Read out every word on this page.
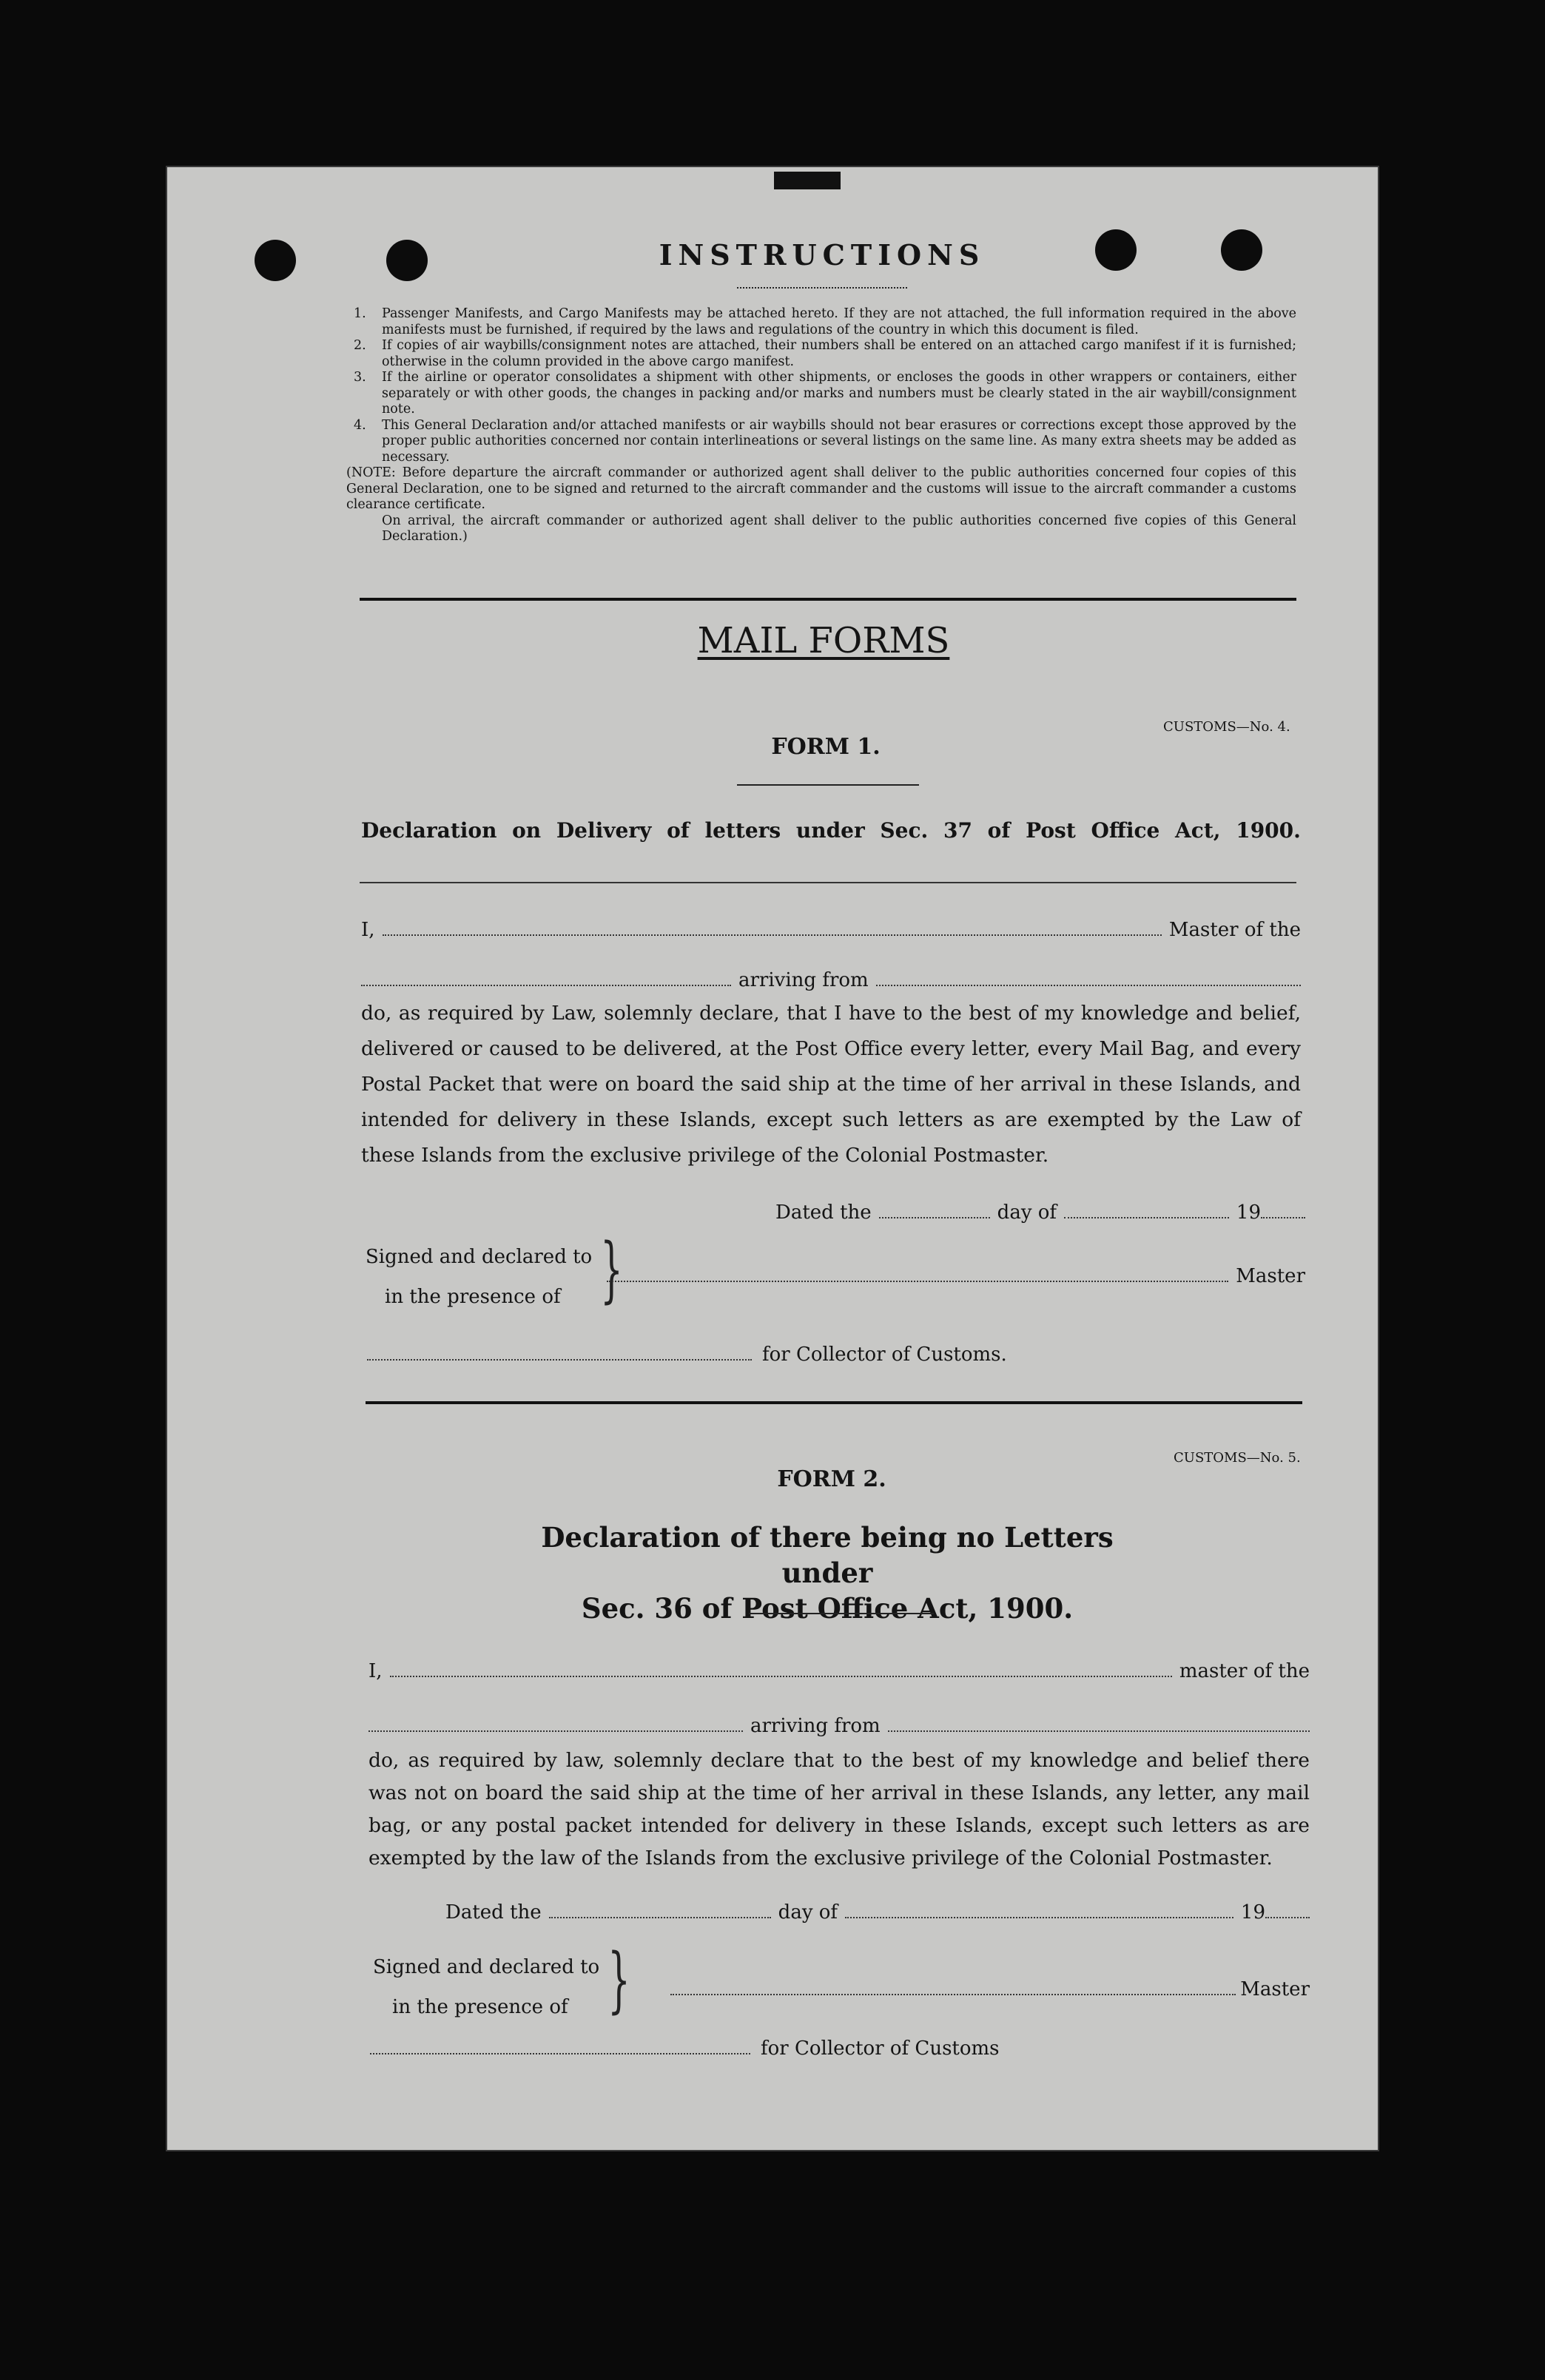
INSTRUCTIONS
1.	Passenger Manifests, and Cargo Manifests may be attached hereto. If they are not attached, the full information required in the above manifests must be furnished, if required by the laws and regulations of the country in which this document is filed.
2.	If copies of air waybills/consignment notes are attached, their numbers shall be entered on an attached cargo manifest if it is furnished; otherwise in the column provided in the above cargo manifest.
3.	If the airline or operator consolidates a shipment with other shipments, or encloses the goods in other wrappers or containers, either separately or with other goods, the changes in packing and/or marks and numbers must be clearly stated in the air waybill/consignment note.
4.	This General Declaration and/or attached manifests or air waybills should not bear erasures or corrections except those approved by the proper public authorities concerned nor contain interlineations or several listings on the same line. As many extra sheets may be added as necessary.
(NOTE: Before departure the aircraft commander or authorized agent shall deliver to the public authorities concerned four copies of this General Declaration, one to be signed and returned to the aircraft commander and the customs will issue to the aircraft commander a customs clearance certificate.
On arrival, the aircraft commander or authorized agent shall deliver to the public authorities concerned five copies of this General Declaration.)
MAIL FORMS
CUSTOMS—No. 4.
FORM 1.
Declaration on Delivery of letters under Sec. 37 of Post Office Act, 1900.
I,	Master of the
arriving from
do, as required by Law, solemnly declare, that I have to the best of my knowledge and belief, delivered or caused to be delivered, at the Post Office every letter, every Mail Bag, and every Postal Packet that were on board the said ship at the time of her arrival in these Islands, and intended for delivery in these Islands, except such letters as are exempted by the Law of these Islands from the exclusive privilege of the Colonial Postmaster.
Dated the	day of	19
Signed and declared to
in the presence of }	Master
for Collector of Customs.
CUSTOMS—No. 5.
FORM 2.
Declaration of there being no Letters under
Sec. 36 of Post Office Act, 1900.
I,	master of the
arriving from
do, as required by law, solemnly declare that to the best of my knowledge and belief there was not on board the said ship at the time of her arrival in these Islands, any letter, any mail bag, or any postal packet intended for delivery in these Islands, except such letters as are exempted by the law of the Islands from the exclusive privilege of the Colonial Postmaster.
Dated the	day of	19
Signed and declared to
in the presence of }	Master
for Collector of Customs
